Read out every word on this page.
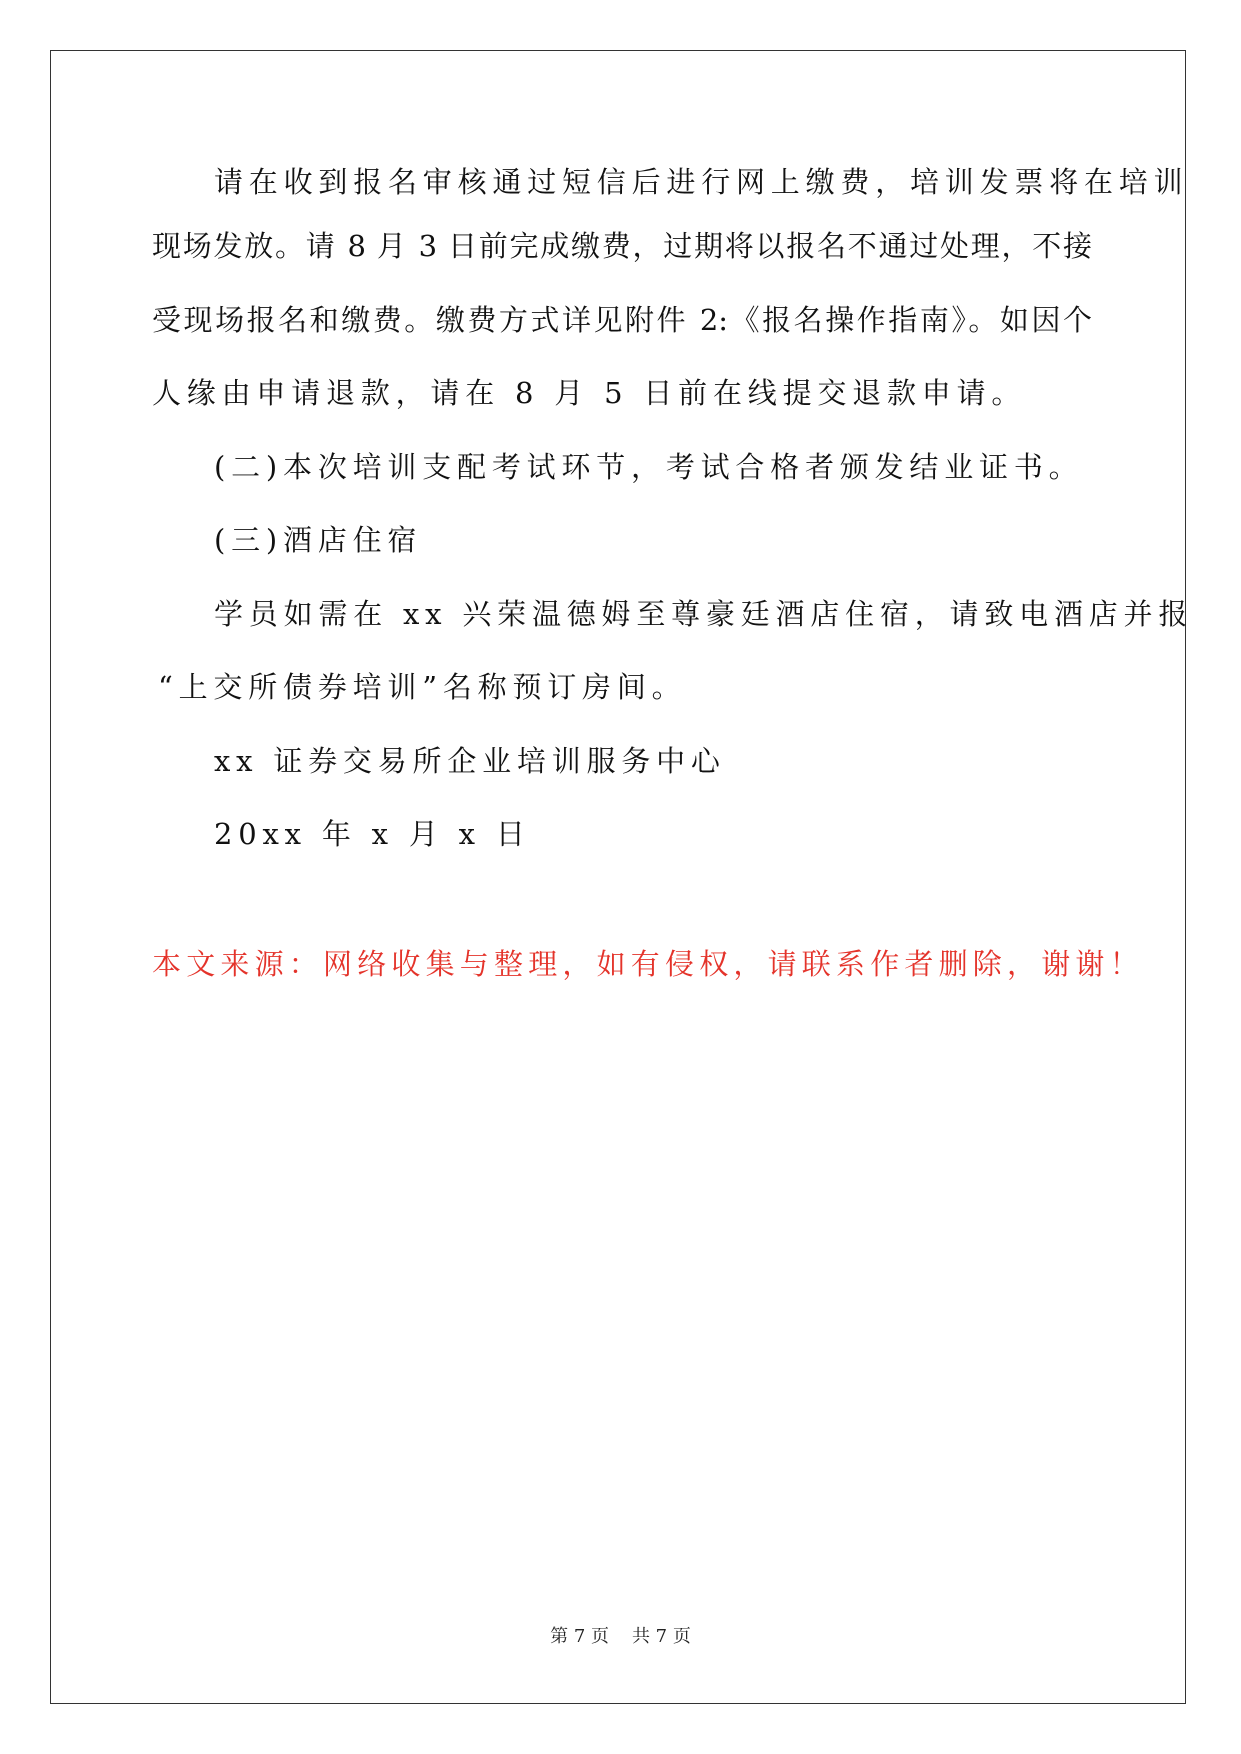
请在收到报名审核通过短信后进行网上缴费，培训发票将在培训
现场发放。请 8 月 3 日前完成缴费，过期将以报名不通过处理，不接
受现场报名和缴费。缴费方式详见附件 2:《报名操作指南》。如因个
人缘由申请退款，请在 8 月 5 日前在线提交退款申请。
(二)本次培训支配考试环节，考试合格者颁发结业证书。
(三)酒店住宿
学员如需在 xx 兴荣温德姆至尊豪廷酒店住宿，请致电酒店并报
“上交所债券培训”名称预订房间。
xx 证券交易所企业培训服务中心
20xx 年 x 月 x 日
本文来源：网络收集与整理，如有侵权，请联系作者删除，谢谢！
第 7 页    共 7 页
